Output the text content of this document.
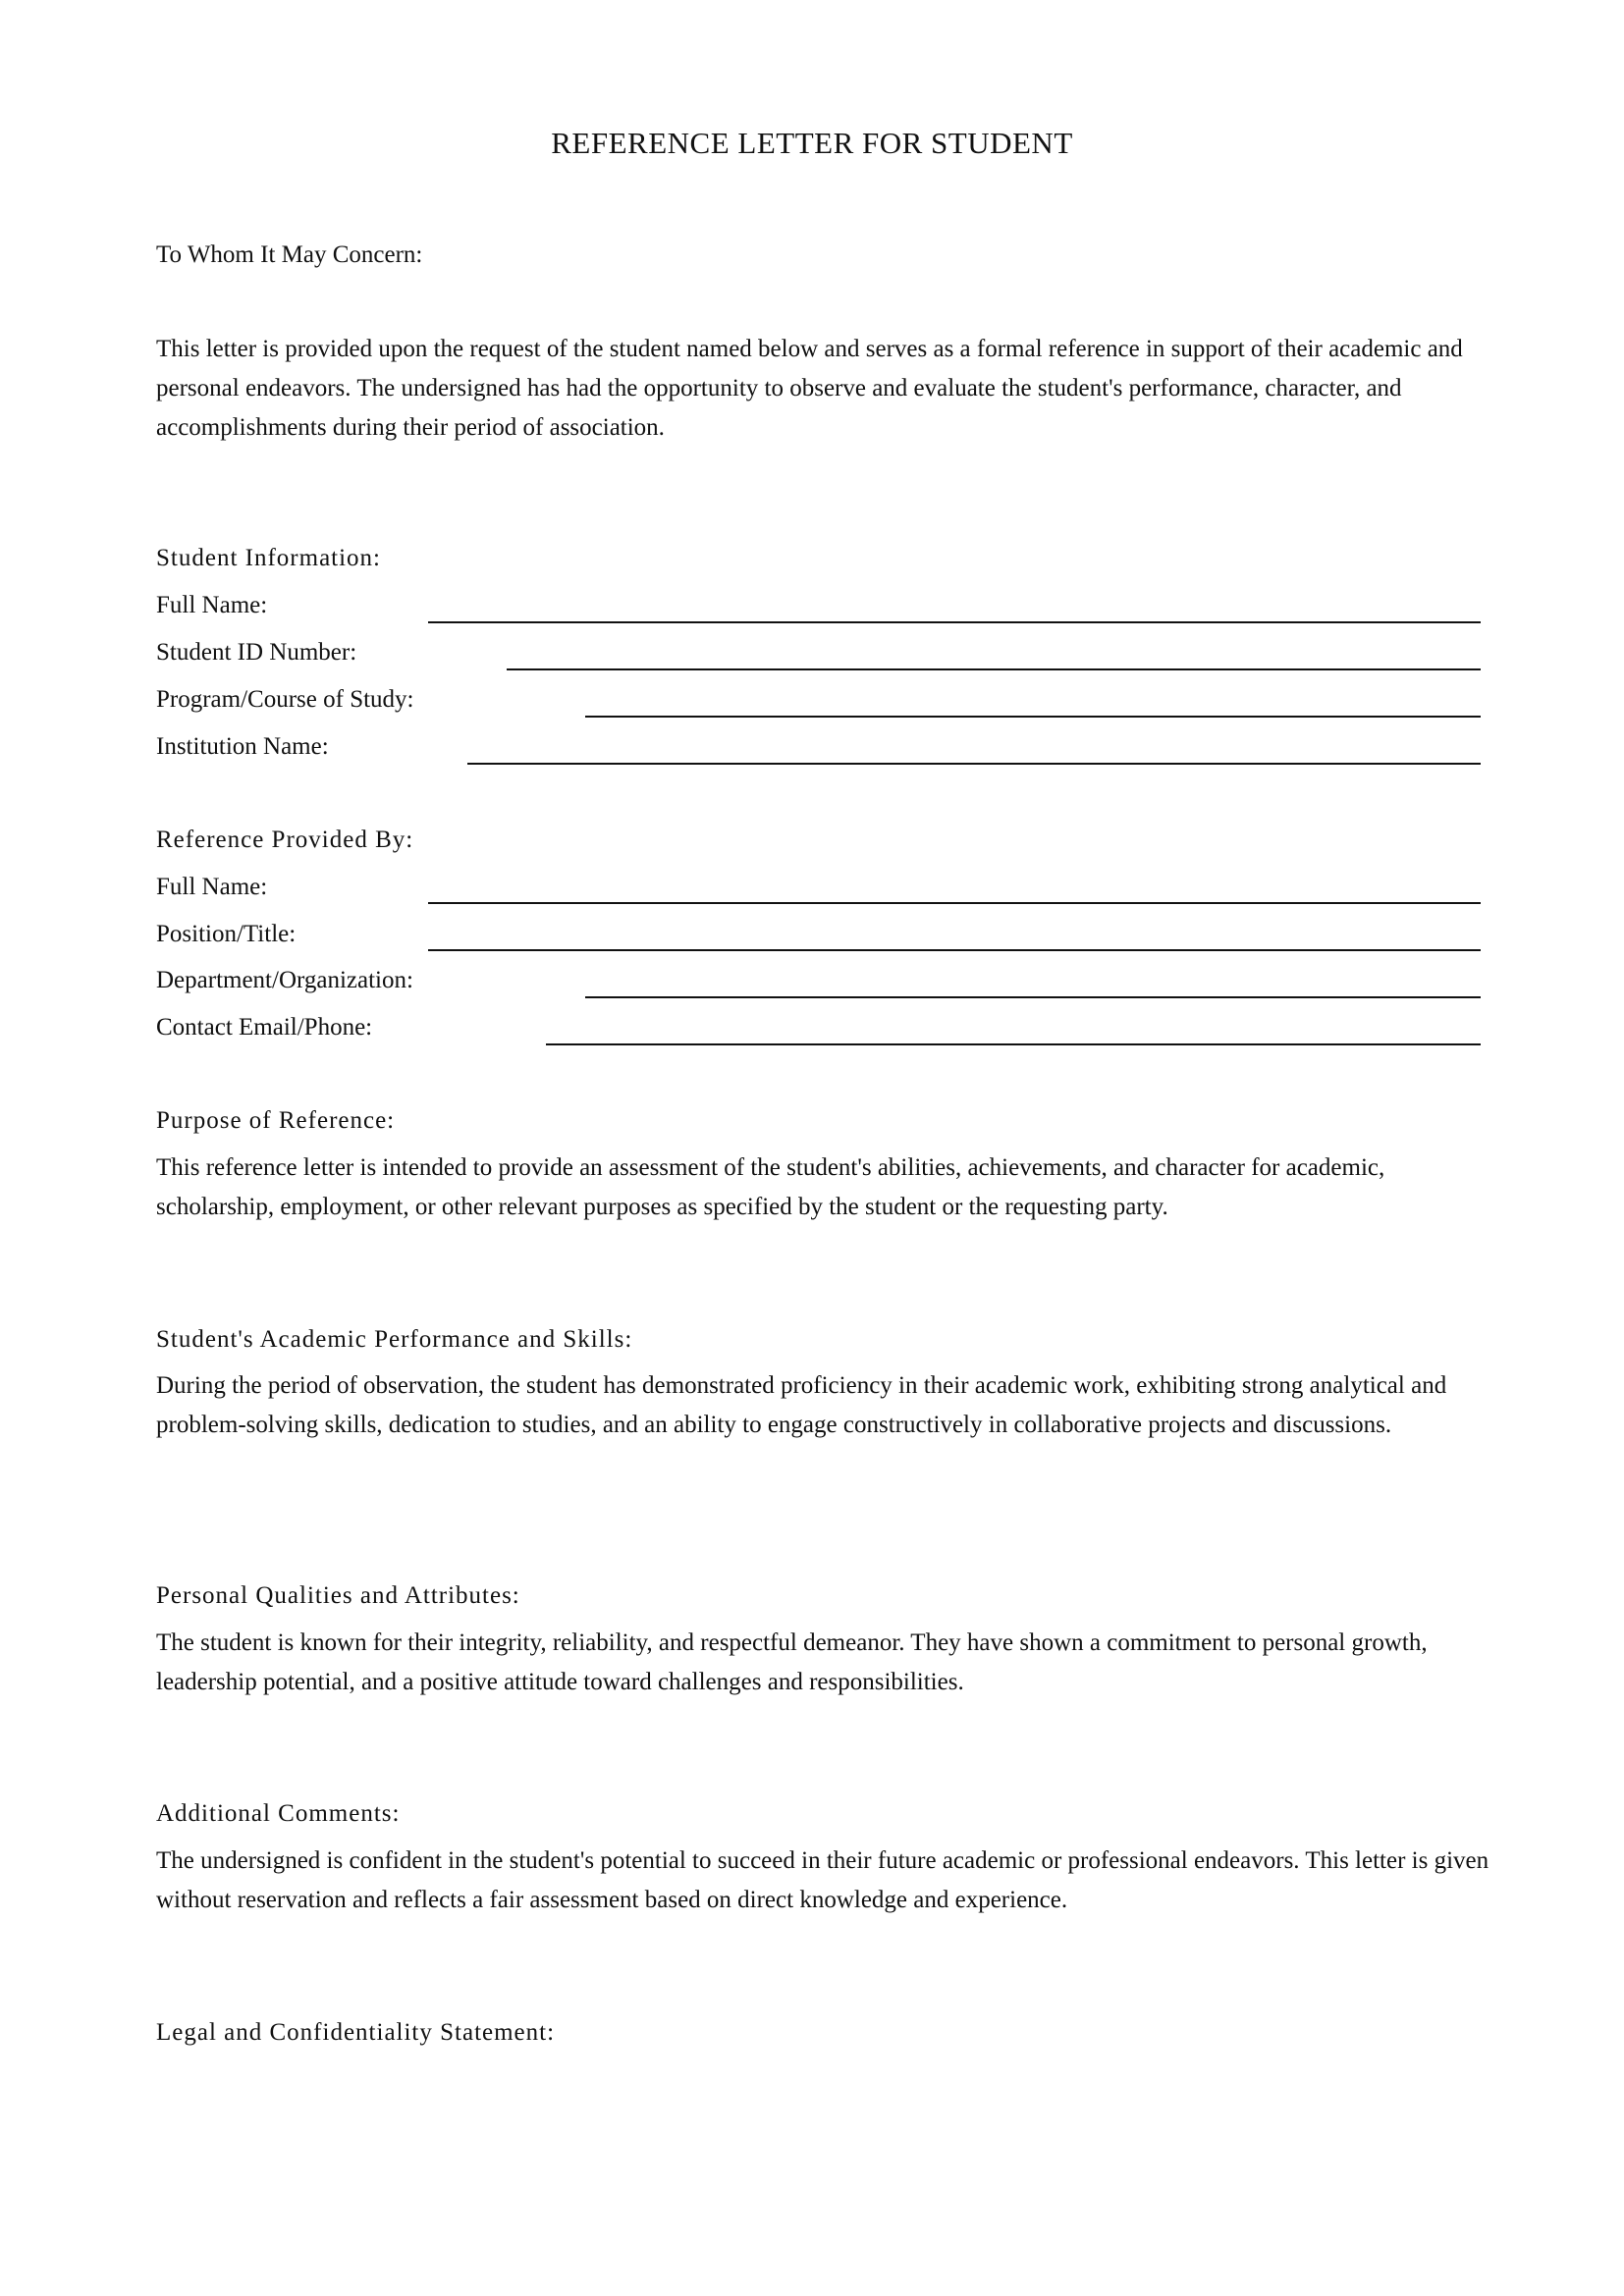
REFERENCE LETTER FOR STUDENT
To Whom It May Concern:
This letter is provided upon the request of the student named below and serves as a formal reference in support of their academic and personal endeavors. The undersigned has had the opportunity to observe and evaluate the student's performance, character, and accomplishments during their period of association.
Student Information:
Full Name:
Student ID Number:
Program/Course of Study:
Institution Name:
Reference Provided By:
Full Name:
Position/Title:
Department/Organization:
Contact Email/Phone:
Purpose of Reference:
This reference letter is intended to provide an assessment of the student's abilities, achievements, and character for academic, scholarship, employment, or other relevant purposes as specified by the student or the requesting party.
Student's Academic Performance and Skills:
During the period of observation, the student has demonstrated proficiency in their academic work, exhibiting strong analytical and problem-solving skills, dedication to studies, and an ability to engage constructively in collaborative projects and discussions.
Personal Qualities and Attributes:
The student is known for their integrity, reliability, and respectful demeanor. They have shown a commitment to personal growth, leadership potential, and a positive attitude toward challenges and responsibilities.
Additional Comments:
The undersigned is confident in the student's potential to succeed in their future academic or professional endeavors. This letter is given without reservation and reflects a fair assessment based on direct knowledge and experience.
Legal and Confidentiality Statement:
